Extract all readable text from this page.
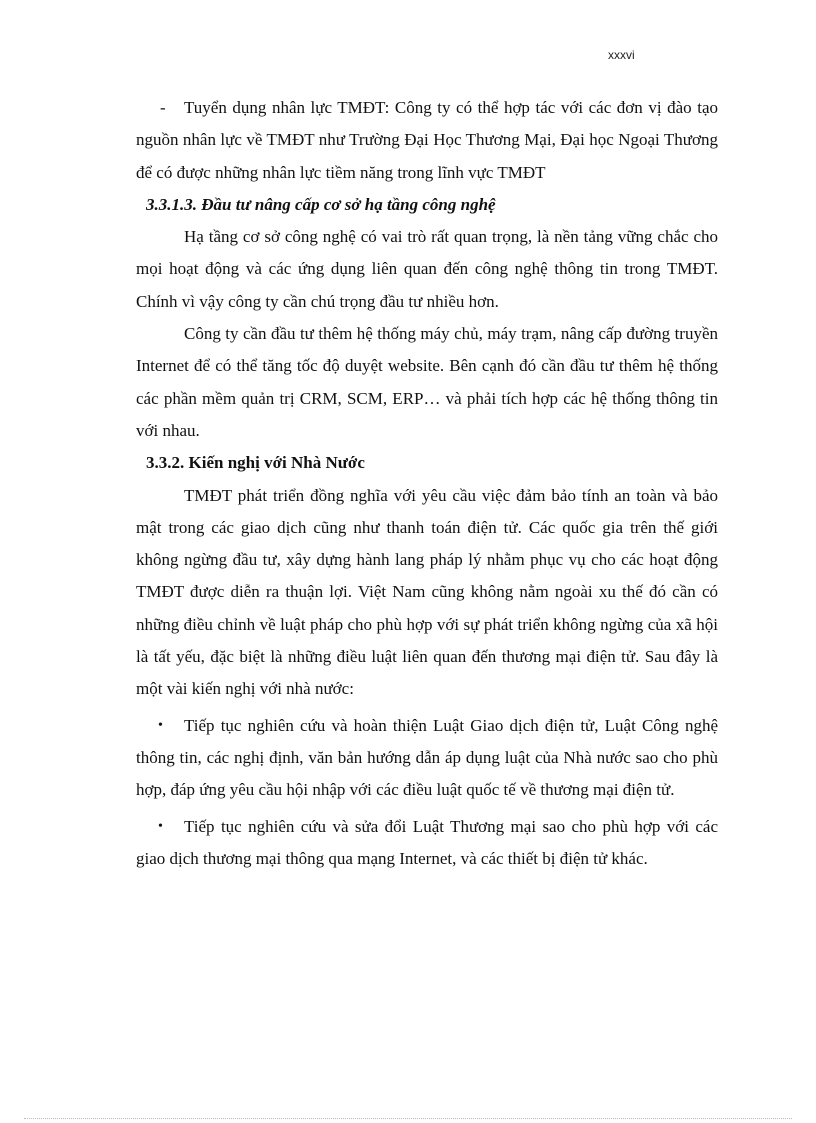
xxxvi

- Tuyển dụng nhân lực TMĐT: Công ty có thể hợp tác với các đơn vị đào tạo nguồn nhân lực về TMĐT như Trường Đại Học Thương Mại, Đại học Ngoại Thương để có được những nhân lực tiềm năng trong lĩnh vực TMĐT

3.3.1.3. Đầu tư nâng cấp cơ sở hạ tầng công nghệ

Hạ tầng cơ sở công nghệ có vai trò rất quan trọng, là nền tảng vững chắc cho mọi hoạt động và các ứng dụng liên quan đến công nghệ thông tin trong TMĐT. Chính vì vậy công ty cần chú trọng đầu tư nhiều hơn.

Công ty cần đầu tư thêm hệ thống máy chủ, máy trạm, nâng cấp đường truyền Internet để có thể tăng tốc độ duyệt website. Bên cạnh đó cần đầu tư thêm hệ thống các phần mềm quản trị CRM, SCM, ERP… và phải tích hợp các hệ thống thông tin với nhau.

3.3.2. Kiến nghị với Nhà Nước

TMĐT phát triển đồng nghĩa với yêu cầu việc đảm bảo tính an toàn và bảo mật trong các giao dịch cũng như thanh toán điện tử. Các quốc gia trên thế giới không ngừng đầu tư, xây dựng hành lang pháp lý nhằm phục vụ cho các hoạt động TMĐT được diễn ra thuận lợi. Việt Nam cũng không nằm ngoài xu thế đó cần có những điều chỉnh về luật pháp cho phù hợp với sự phát triển không ngừng của xã hội là tất yếu, đặc biệt là những điều luật liên quan đến thương mại điện tử. Sau đây là một vài kiến nghị với nhà nước:

• Tiếp tục nghiên cứu và hoàn thiện Luật Giao dịch điện tử, Luật Công nghệ thông tin, các nghị định, văn bản hướng dẫn áp dụng luật của Nhà nước sao cho phù hợp, đáp ứng yêu cầu hội nhập với các điều luật quốc tế về thương mại điện tử.

• Tiếp tục nghiên cứu và sửa đổi Luật Thương mại sao cho phù hợp với các giao dịch thương mại thông qua mạng Internet, và các thiết bị điện tử khác.
